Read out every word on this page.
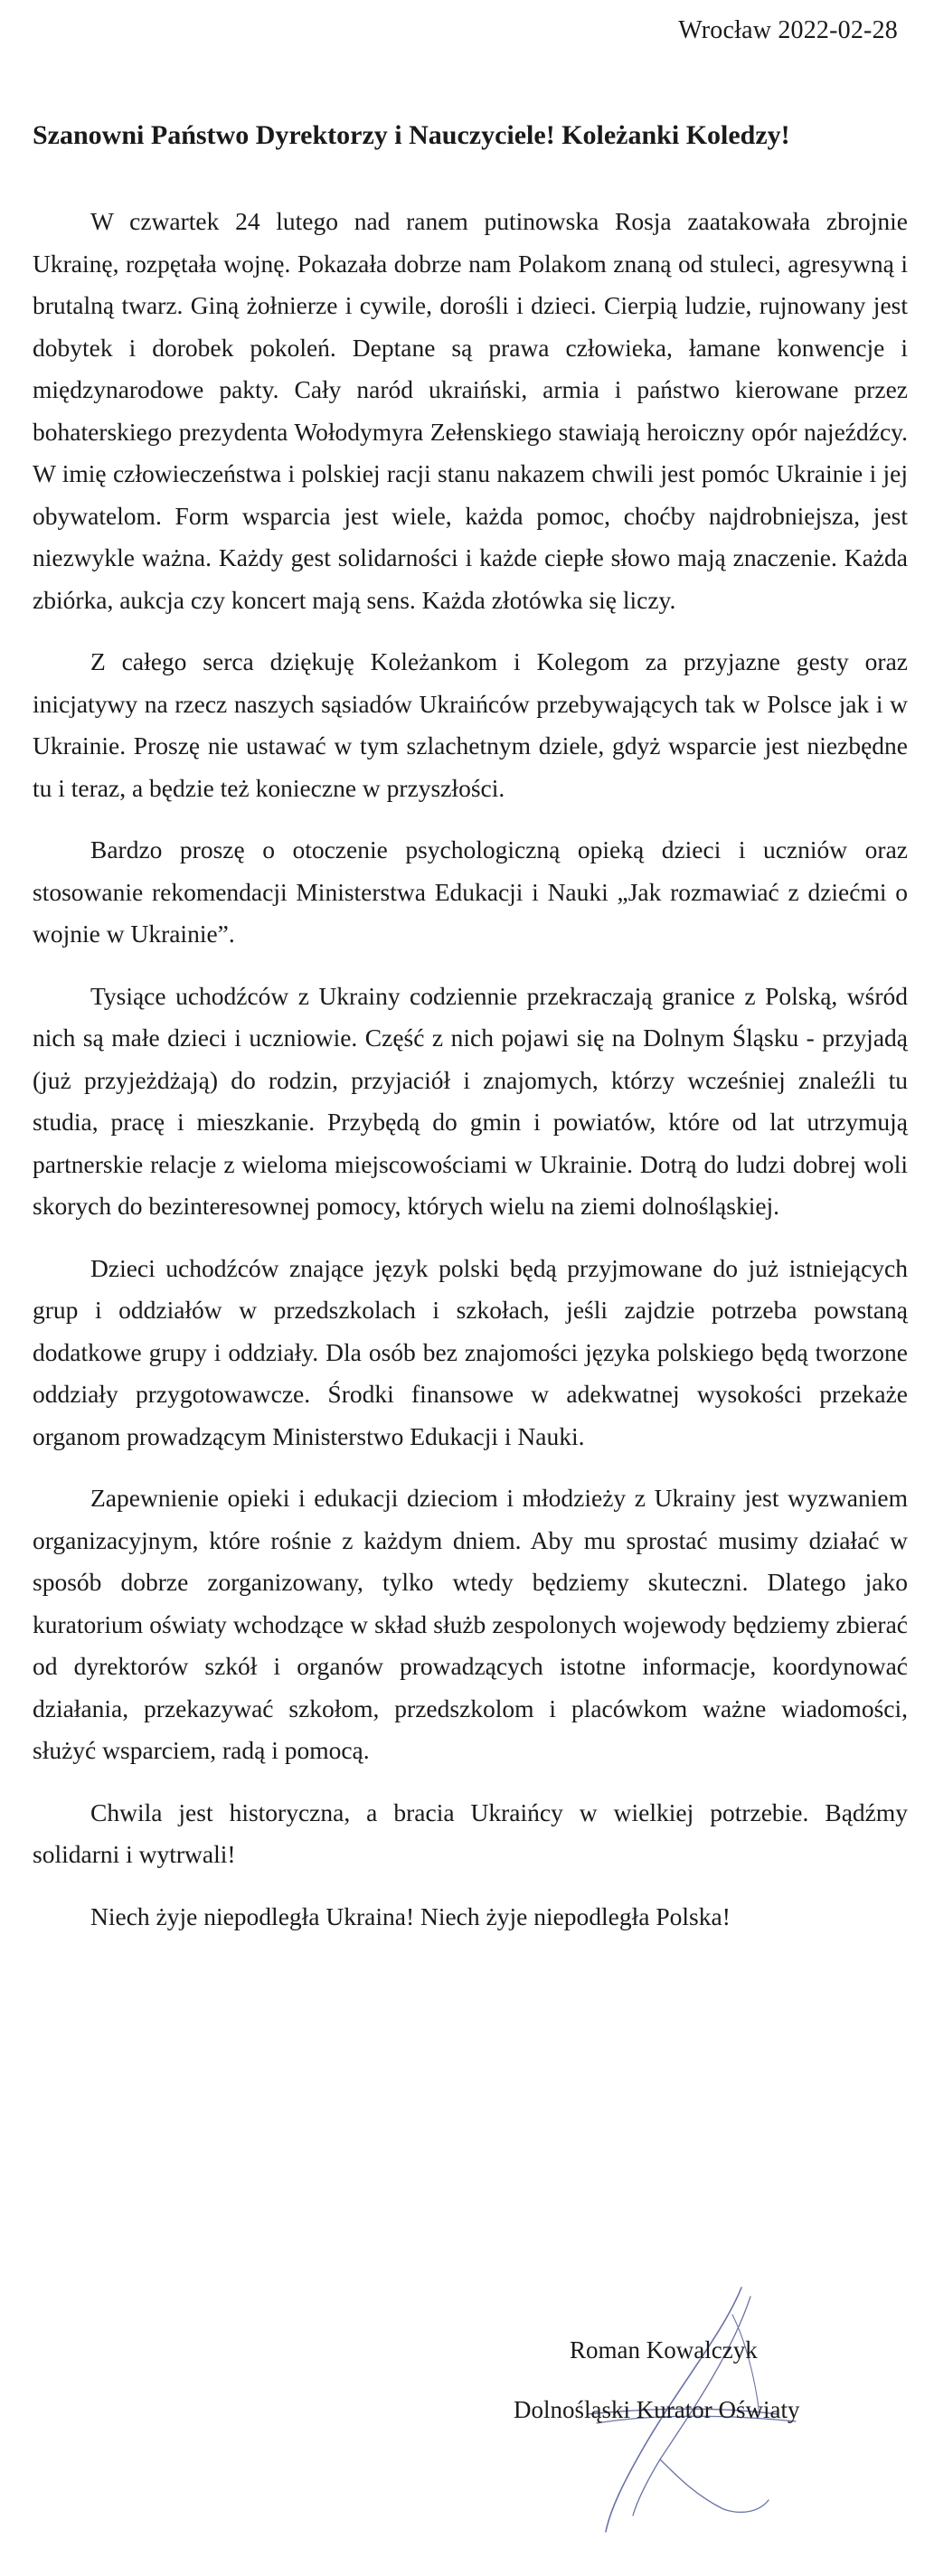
Wrocław 2022-02-28
Szanowni Państwo Dyrektorzy i Nauczyciele! Koleżanki Koledzy!

W czwartek 24 lutego nad ranem putinowska Rosja zaatakowała zbrojnie Ukrainę, rozpętała wojnę. Pokazała dobrze nam Polakom znaną od stuleci, agresywną i brutalną twarz. Giną żołnierze i cywile, dorośli i dzieci. Cierpią ludzie, rujnowany jest dobytek i dorobek pokoleń. Deptane są prawa człowieka, łamane konwencje i międzynarodowe pakty. Cały naród ukraiński, armia i państwo kierowane przez bohaterskiego prezydenta Wołodymyra Zełenskiego stawiają heroiczny opór najeźdźcy. W imię człowieczeństwa i polskiej racji stanu nakazem chwili jest pomóc Ukrainie i jej obywatelom. Form wsparcia jest wiele, każda pomoc, choćby najdrobniejsza, jest niezwykle ważna. Każdy gest solidarności i każde ciepłe słowo mają znaczenie. Każda zbiórka, aukcja czy koncert mają sens. Każda złotówka się liczy.

Z całego serca dziękuję Koleżankom i Kolegom za przyjazne gesty oraz inicjatywy na rzecz naszych sąsiadów Ukraińców przebywających tak w Polsce jak i w Ukrainie. Proszę nie ustawać w tym szlachetnym dziele, gdyż wsparcie jest niezbędne tu i teraz, a będzie też konieczne w przyszłości.

Bardzo proszę o otoczenie psychologiczną opieką dzieci i uczniów oraz stosowanie rekomendacji Ministerstwa Edukacji i Nauki „Jak rozmawiać z dziećmi o wojnie w Ukrainie”.

Tysiące uchodźców z Ukrainy codziennie przekraczają granice z Polską, wśród nich są małe dzieci i uczniowie. Część z nich pojawi się na Dolnym Śląsku - przyjadą (już przyjeżdżają) do rodzin, przyjaciół i znajomych, którzy wcześniej znaleźli tu studia, pracę i mieszkanie. Przybędą do gmin i powiatów, które od lat utrzymują partnerskie relacje z wieloma miejscowościami w Ukrainie. Dotrą do ludzi dobrej woli skorych do bezinteresownej pomocy, których wielu na ziemi dolnośląskiej.

Dzieci uchodźców znające język polski będą przyjmowane do już istniejących grup i oddziałów w przedszkolach i szkołach, jeśli zajdzie potrzeba powstaną dodatkowe grupy i oddziały. Dla osób bez znajomości języka polskiego będą tworzone oddziały przygotowawcze. Środki finansowe w adekwatnej wysokości przekaże organom prowadzącym Ministerstwo Edukacji i Nauki.

Zapewnienie opieki i edukacji dzieciom i młodzieży z Ukrainy jest wyzwaniem organizacyjnym, które rośnie z każdym dniem. Aby mu sprostać musimy działać w sposób dobrze zorganizowany, tylko wtedy będziemy skuteczni. Dlatego jako kuratorium oświaty wchodzące w skład służb zespolonych wojewody będziemy zbierać od dyrektorów szkół i organów prowadzących istotne informacje, koordynować działania, przekazywać szkołom, przedszkolom i placówkom ważne wiadomości, służyć wsparciem, radą i pomocą.

Chwila jest historyczna, a bracia Ukraińcy w wielkiej potrzebie. Bądźmy solidarni i wytrwali!

Niech żyje niepodległa Ukraina! Niech żyje niepodległa Polska!

Roman Kowalczyk
Dolnośląski Kurator Oświaty
